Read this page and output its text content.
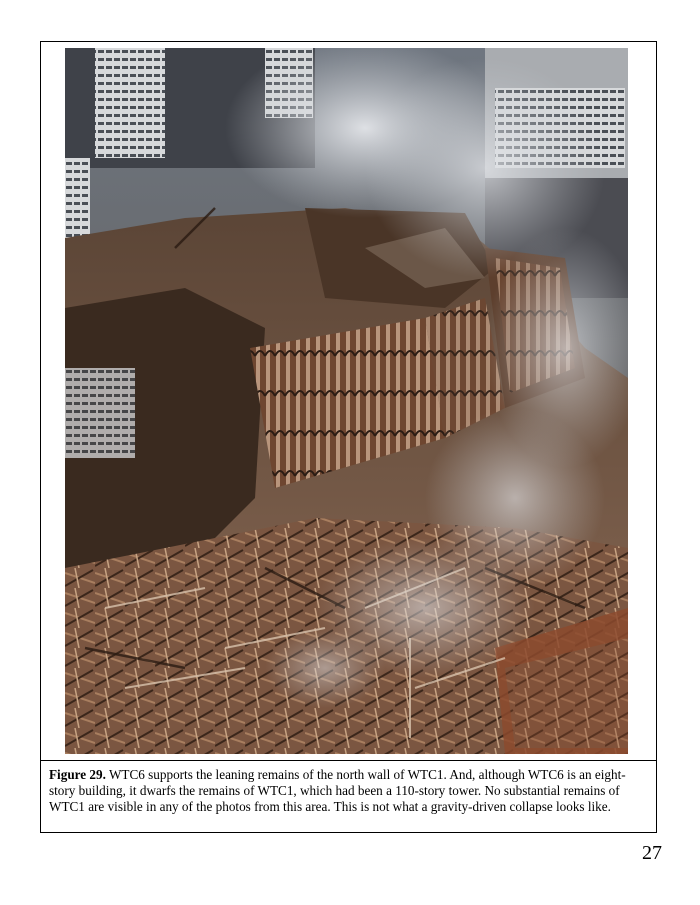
Figure 29. WTC6 supports the leaning remains of the north wall of WTC1. And, although WTC6 is an eight-story building, it dwarfs the remains of WTC1, which had been a 110-story tower. No substantial remains of WTC1 are visible in any of the photos from this area. This is not what a gravity-driven collapse looks like.
27
